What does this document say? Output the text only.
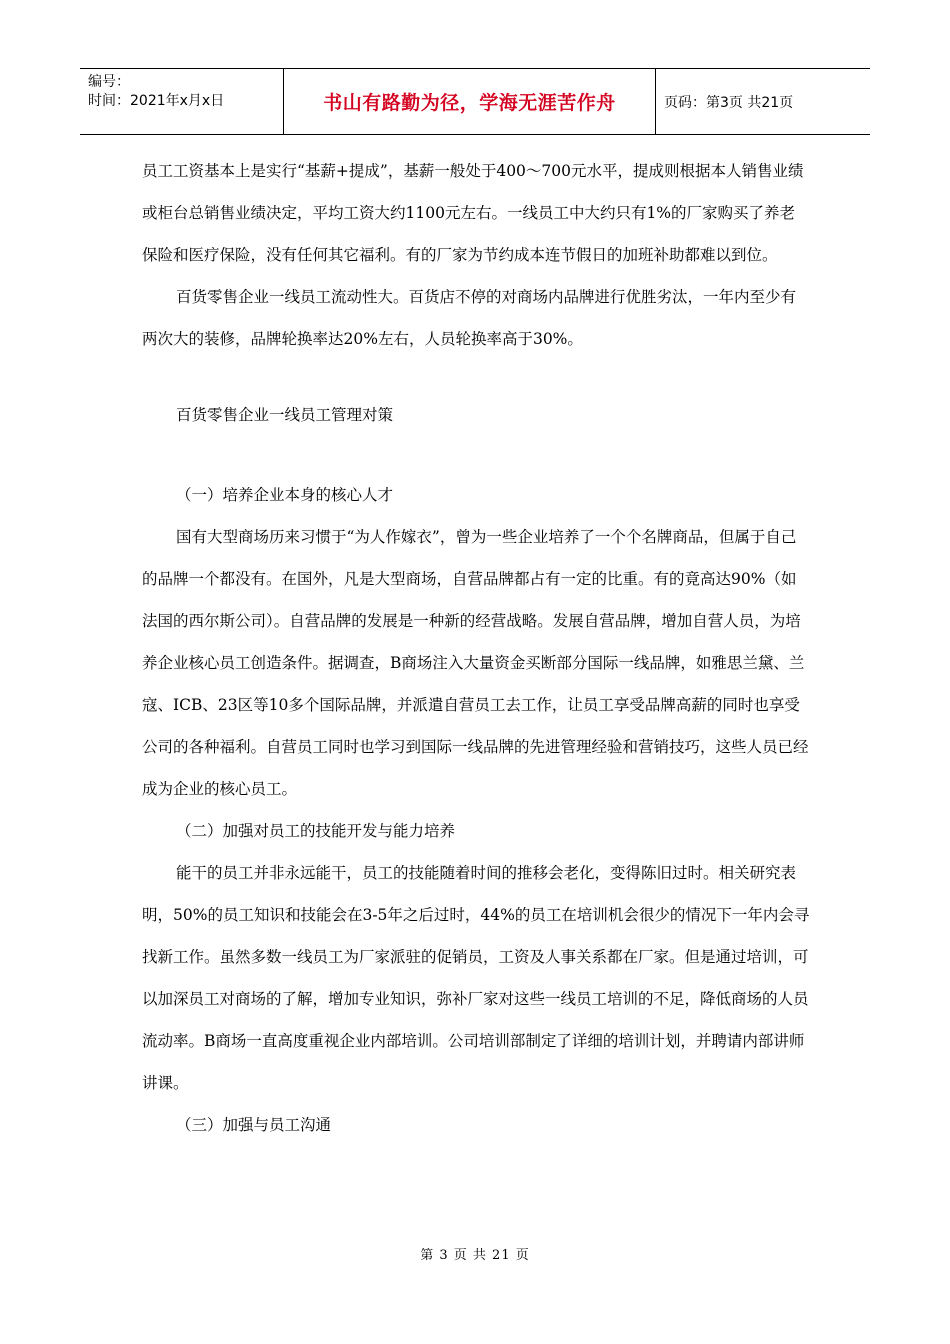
编号：
时间：2021年x月x日	书山有路勤为径，学海无涯苦作舟	页码：第3页 共21页

员工工资基本上是实行“基薪+提成”，基薪一般处于400～700元水平，提成则根据本人销售业绩或柜台总销售业绩决定，平均工资大约1100元左右。一线员工中大约只有1%的厂家购买了养老保险和医疗保险，没有任何其它福利。有的厂家为节约成本连节假日的加班补助都难以到位。

百货零售企业一线员工流动性大。百货店不停的对商场内品牌进行优胜劣汰，一年内至少有两次大的装修，品牌轮换率达20%左右，人员轮换率高于30%。

百货零售企业一线员工管理对策

（一）培养企业本身的核心人才

国有大型商场历来习惯于“为人作嫁衣”，曾为一些企业培养了一个个名牌商品，但属于自己的品牌一个都没有。在国外，凡是大型商场，自营品牌都占有一定的比重。有的竟高达90%（如法国的西尔斯公司）。自营品牌的发展是一种新的经营战略。发展自营品牌，增加自营人员，为培养企业核心员工创造条件。据调查，B商场注入大量资金买断部分国际一线品牌，如雅思兰黛、兰寇、ICB、23区等10多个国际品牌，并派遣自营员工去工作，让员工享受品牌高薪的同时也享受公司的各种福利。自营员工同时也学习到国际一线品牌的先进管理经验和营销技巧，这些人员已经成为企业的核心员工。

（二）加强对员工的技能开发与能力培养

能干的员工并非永远能干，员工的技能随着时间的推移会老化，变得陈旧过时。相关研究表明，50%的员工知识和技能会在3-5年之后过时，44%的员工在培训机会很少的情况下一年内会寻找新工作。虽然多数一线员工为厂家派驻的促销员，工资及人事关系都在厂家。但是通过培训，可以加深员工对商场的了解，增加专业知识，弥补厂家对这些一线员工培训的不足，降低商场的人员流动率。B商场一直高度重视企业内部培训。公司培训部制定了详细的培训计划，并聘请内部讲师讲课。

（三）加强与员工沟通

第 3 页 共 21 页
